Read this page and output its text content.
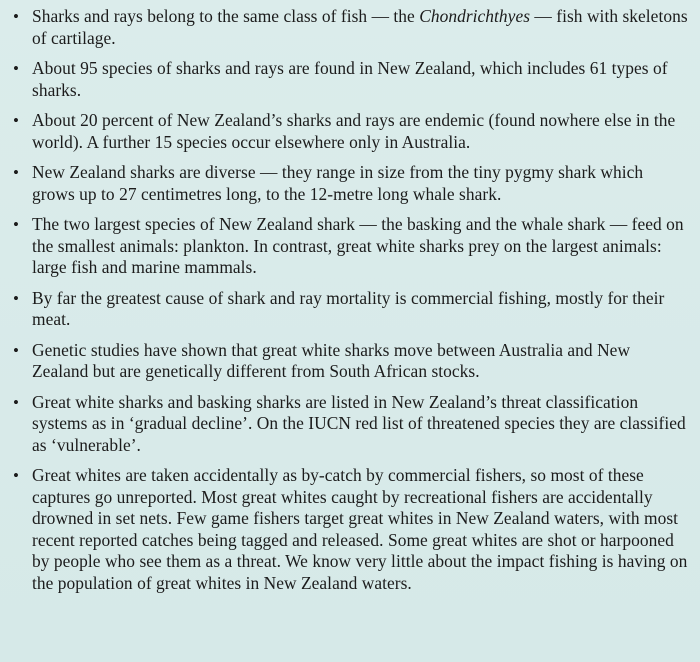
• Sharks and rays belong to the same class of fish — the Chondrichthyes — fish with skeletons of cartilage.
• About 95 species of sharks and rays are found in New Zealand, which includes 61 types of sharks.
• About 20 percent of New Zealand’s sharks and rays are endemic (found nowhere else in the world). A further 15 species occur elsewhere only in Australia.
• New Zealand sharks are diverse — they range in size from the tiny pygmy shark which grows up to 27 centimetres long, to the 12-metre long whale shark.
• The two largest species of New Zealand shark — the basking and the whale shark — feed on the smallest animals: plankton. In contrast, great white sharks prey on the largest animals: large fish and marine mammals.
• By far the greatest cause of shark and ray mortality is commercial fishing, mostly for their meat.
• Genetic studies have shown that great white sharks move between Australia and New Zealand but are genetically different from South African stocks.
• Great white sharks and basking sharks are listed in New Zealand’s threat classification systems as in ‘gradual decline’. On the IUCN red list of threatened species they are classified as ‘vulnerable’.
• Great whites are taken accidentally as by-catch by commercial fishers, so most of these captures go unreported. Most great whites caught by recreational fishers are accidentally drowned in set nets. Few game fishers target great whites in New Zealand waters, with most recent reported catches being tagged and released. Some great whites are shot or harpooned by people who see them as a threat. We know very little about the impact fishing is having on the population of great whites in New Zealand waters.
